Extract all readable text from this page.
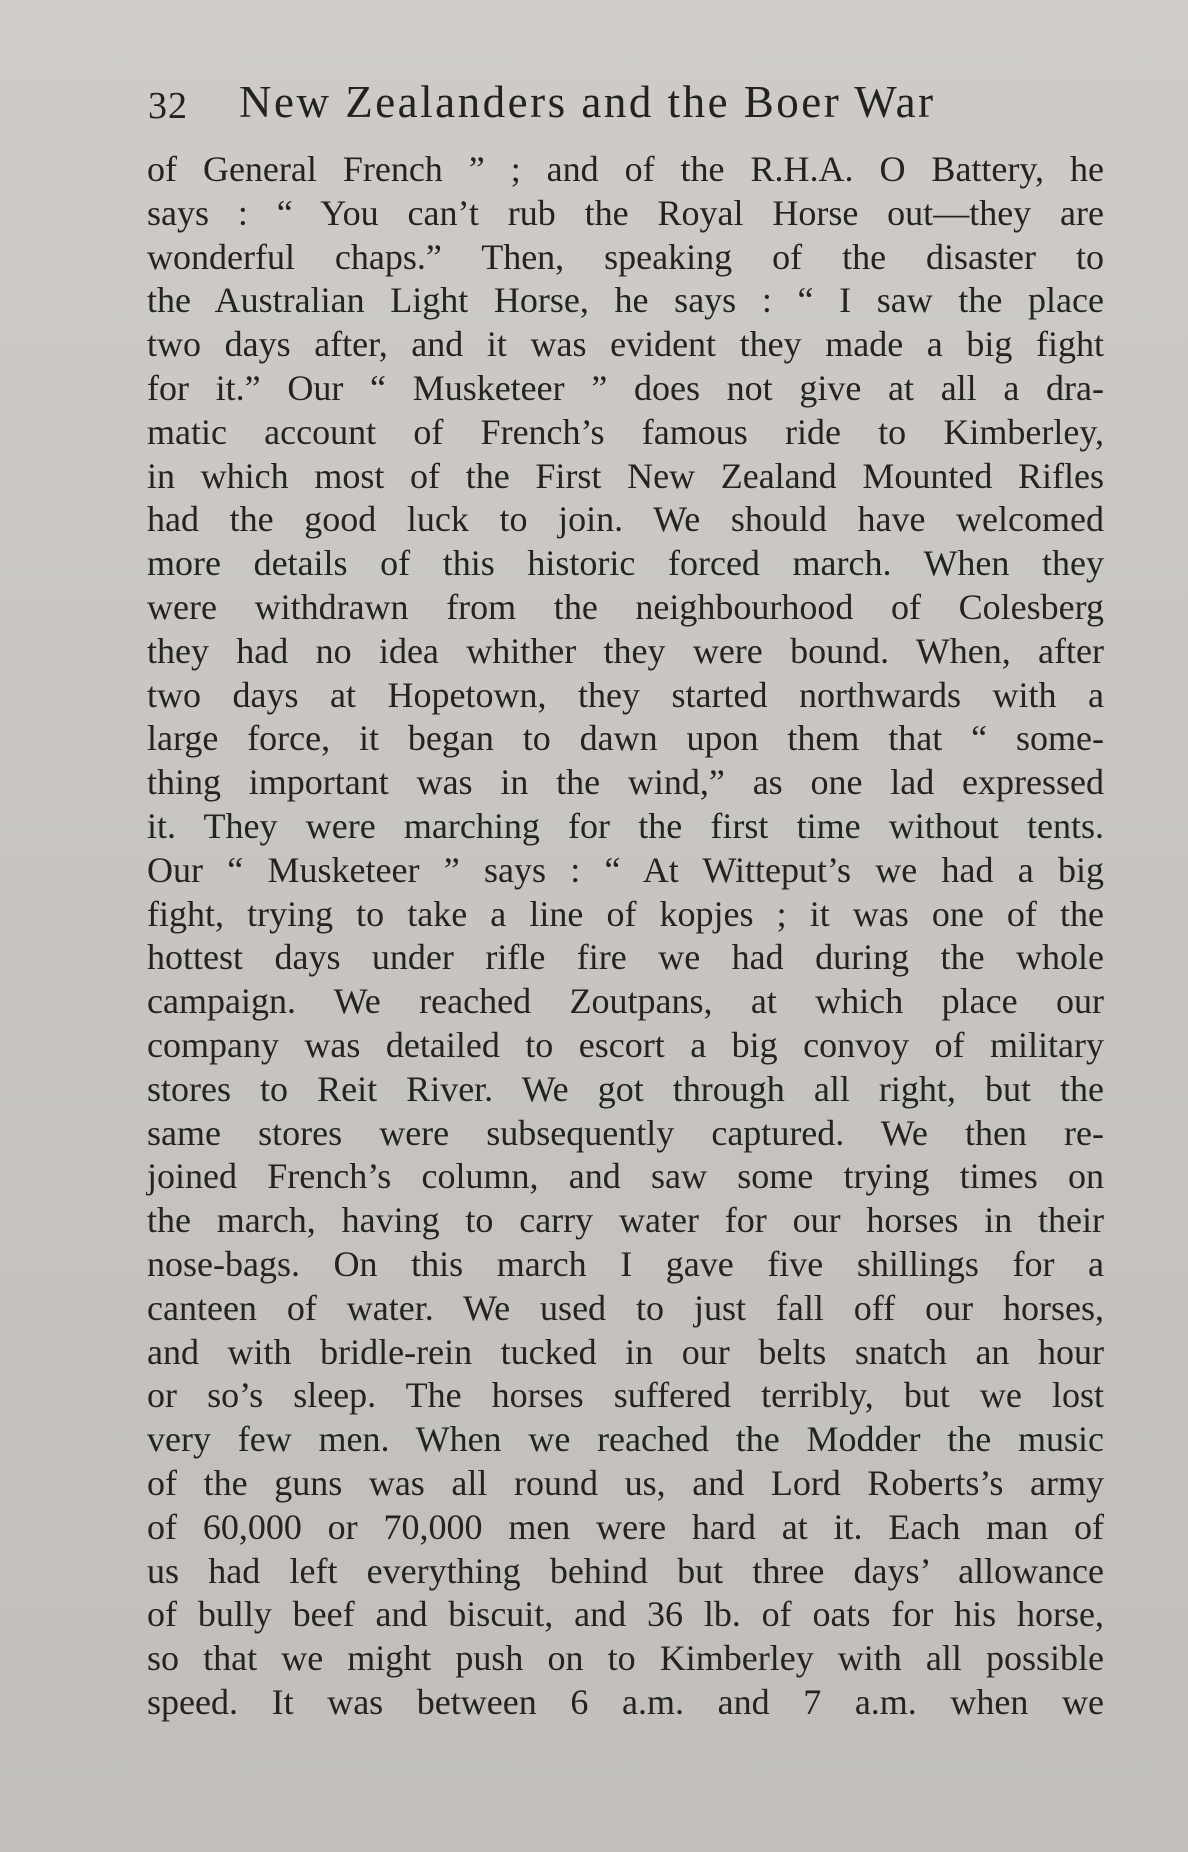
32 New Zealanders and the Boer War
of General French ” ; and of the R.H.A. O Battery, he
says : “ You can’t rub the Royal Horse out—they are
wonderful chaps.” Then, speaking of the disaster to
the Australian Light Horse, he says : “ I saw the place
two days after, and it was evident they made a big fight
for it.” Our “ Musketeer ” does not give at all a dra-
matic account of French’s famous ride to Kimberley,
in which most of the First New Zealand Mounted Rifles
had the good luck to join. We should have welcomed
more details of this historic forced march. When they
were withdrawn from the neighbourhood of Colesberg
they had no idea whither they were bound. When, after
two days at Hopetown, they started northwards with a
large force, it began to dawn upon them that “ some-
thing important was in the wind,” as one lad expressed
it. They were marching for the first time without tents.
Our “ Musketeer ” says : “ At Witteput’s we had a big
fight, trying to take a line of kopjes ; it was one of the
hottest days under rifle fire we had during the whole
campaign. We reached Zoutpans, at which place our
company was detailed to escort a big convoy of military
stores to Reit River. We got through all right, but the
same stores were subsequently captured. We then re-
joined French’s column, and saw some trying times on
the march, having to carry water for our horses in their
nose-bags. On this march I gave five shillings for a
canteen of water. We used to just fall off our horses,
and with bridle-rein tucked in our belts snatch an hour
or so’s sleep. The horses suffered terribly, but we lost
very few men. When we reached the Modder the music
of the guns was all round us, and Lord Roberts’s army
of 60,000 or 70,000 men were hard at it. Each man of
us had left everything behind but three days’ allowance
of bully beef and biscuit, and 36 lb. of oats for his horse,
so that we might push on to Kimberley with all possible
speed. It was between 6 a.m. and 7 a.m. when we
